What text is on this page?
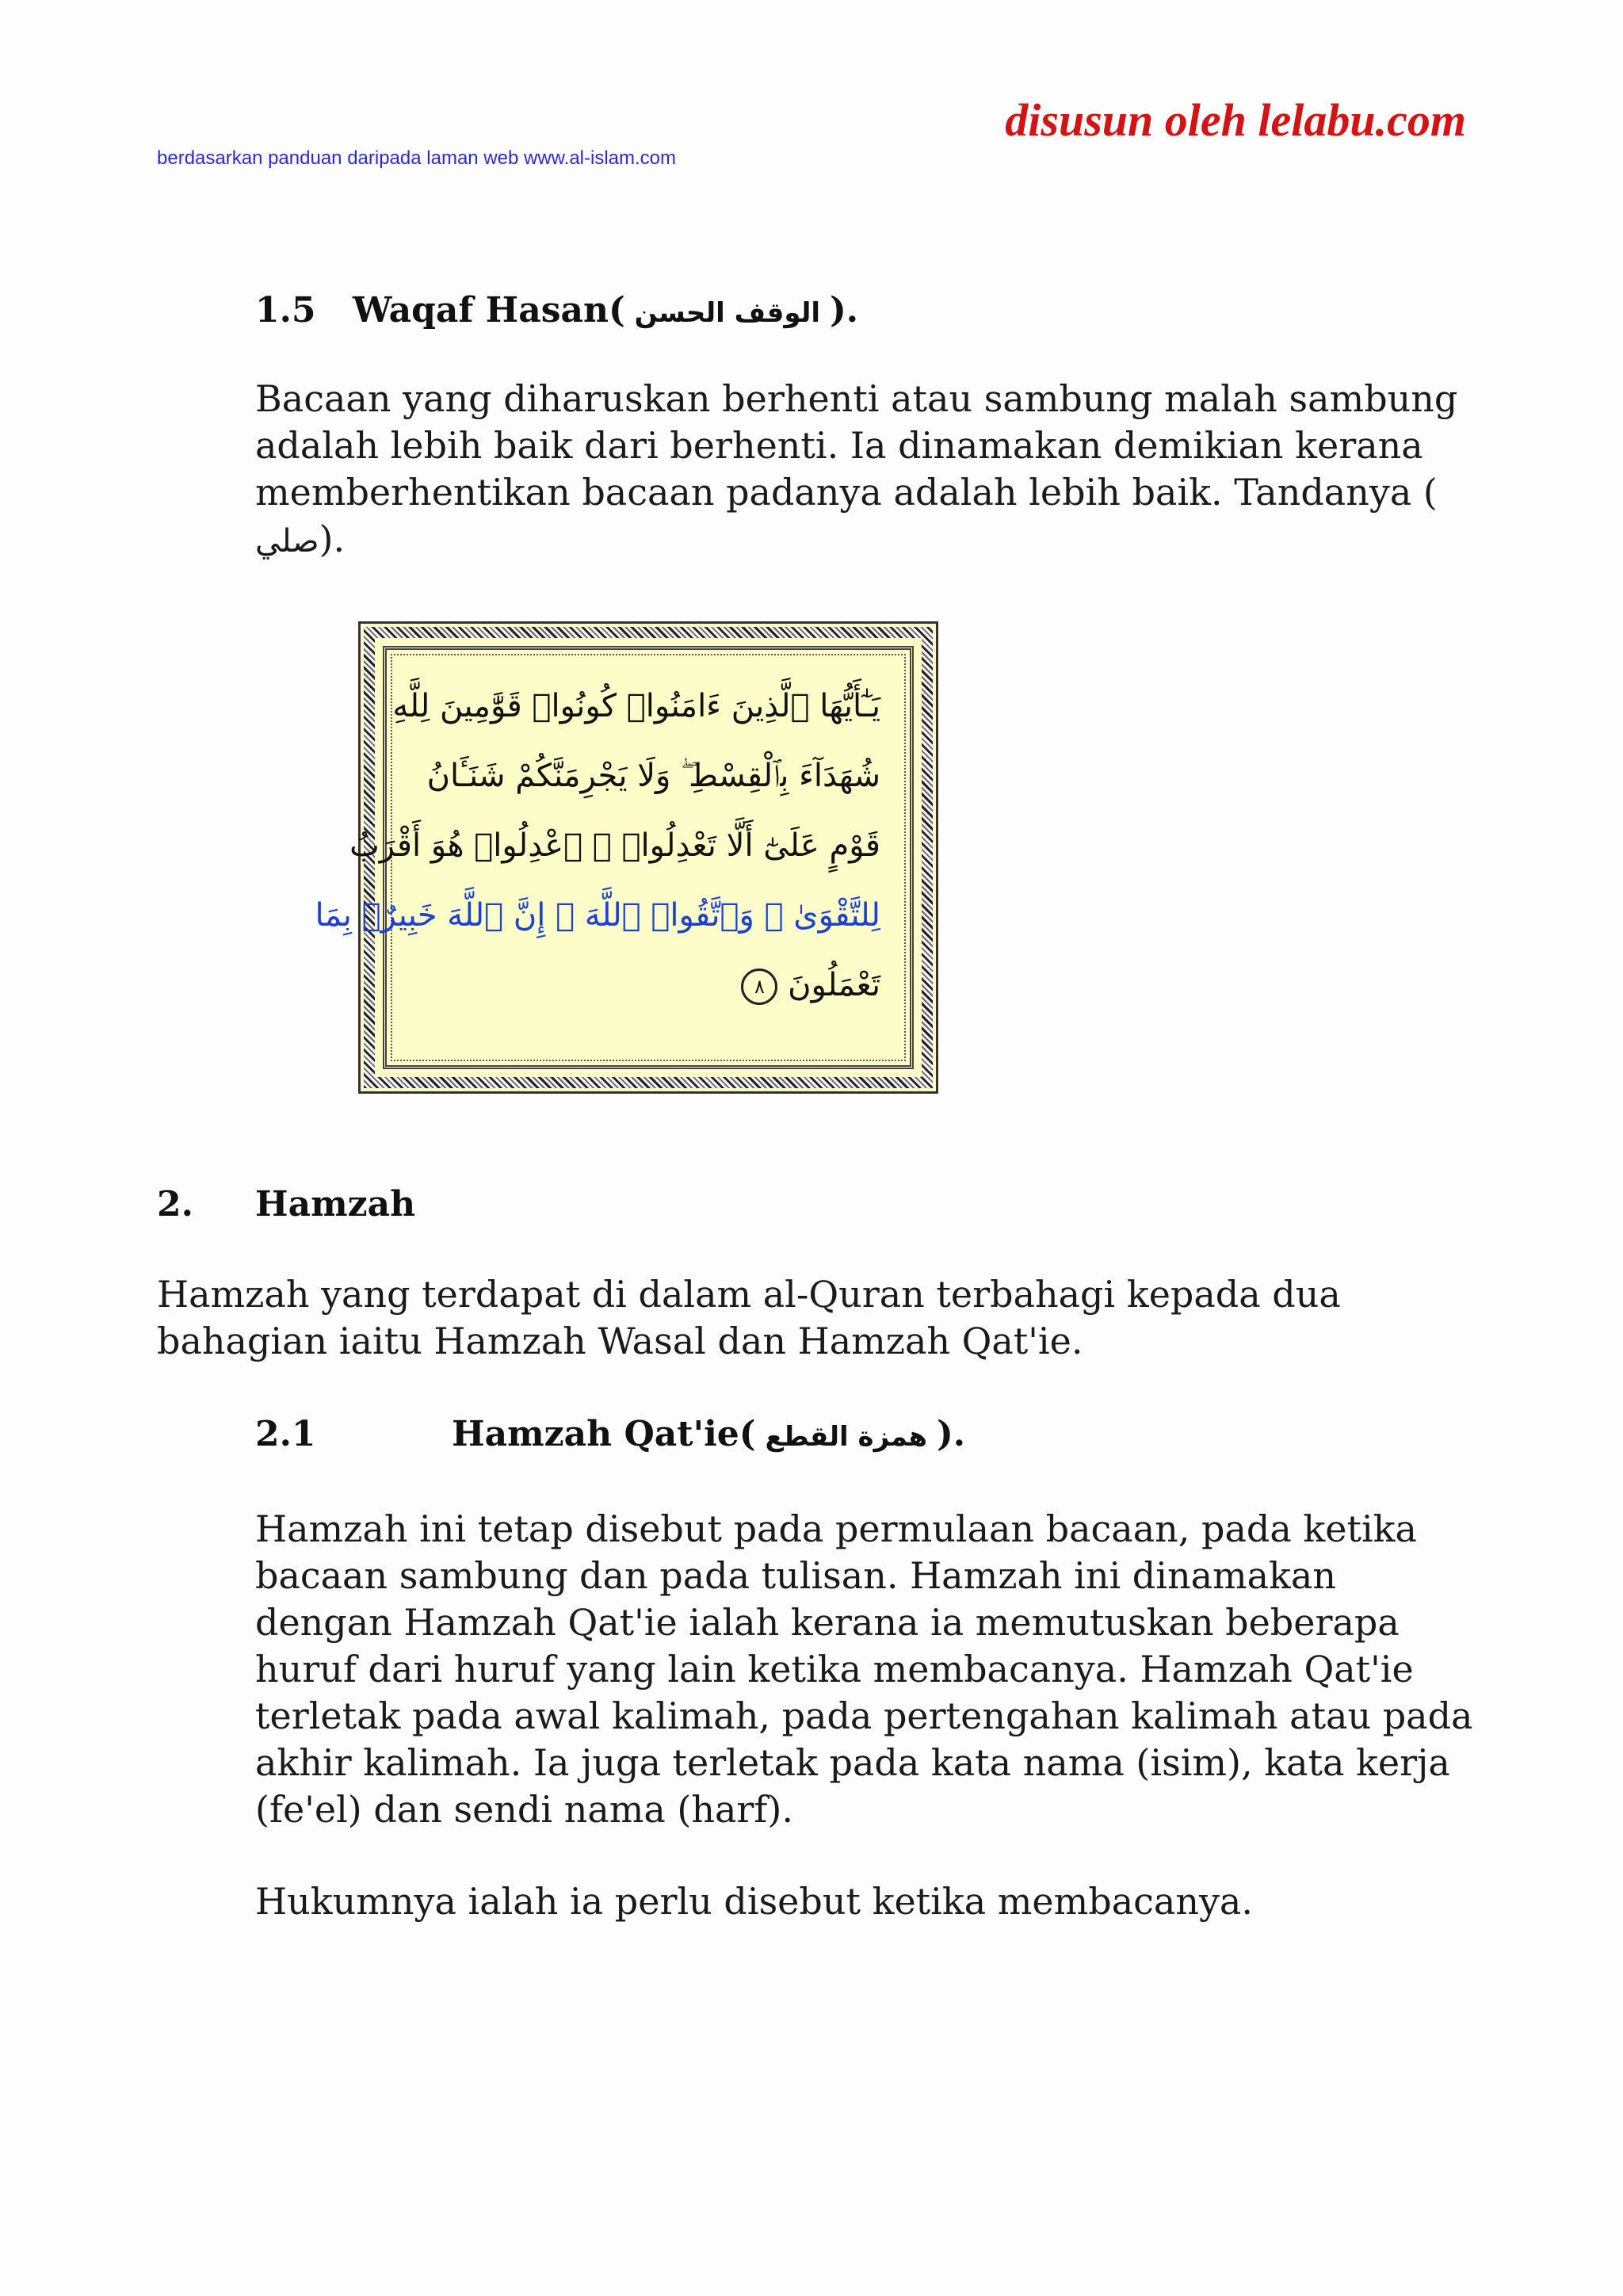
disusun oleh lelabu.com
berdasarkan panduan daripada laman web www.al-islam.com
1.5 Waqaf Hasan( الوقف الحسن ).

Bacaan yang diharuskan berhenti atau sambung malah sambung adalah lebih baik dari berhenti. Ia dinamakan demikian kerana memberhentikan bacaan padanya adalah lebih baik. Tandanya ( صلي).

يَـٰٓأَيُّهَا ٱلَّذِينَ ءَامَنُوا۟ كُونُوا۟ قَوَّٰمِينَ لِلَّهِ
شُهَدَآءَ بِٱلْقِسْطِ ۖ وَلَا يَجْرِمَنَّكُمْ شَنَـَٔانُ
قَوْمٍ عَلَىٰٓ أَلَّا تَعْدِلُوا۟ ۚ ٱعْدِلُوا۟ هُوَ أَقْرَبُ
لِلتَّقْوَىٰ ۖ وَٱتَّقُوا۟ ٱللَّهَ ۚ إِنَّ ٱللَّهَ خَبِيرٌۢ بِمَا
تَعْمَلُونَ ٨
2. Hamzah

Hamzah yang terdapat di dalam al-Quran terbahagi kepada dua bahagian iaitu Hamzah Wasal dan Hamzah Qat'ie.

2.1	Hamzah Qat'ie( همزة القطع ).

Hamzah ini tetap disebut pada permulaan bacaan, pada ketika bacaan sambung dan pada tulisan. Hamzah ini dinamakan dengan Hamzah Qat'ie ialah kerana ia memutuskan beberapa huruf dari huruf yang lain ketika membacanya. Hamzah Qat'ie terletak pada awal kalimah, pada pertengahan kalimah atau pada akhir kalimah. Ia juga terletak pada kata nama (isim), kata kerja (fe'el) dan sendi nama (harf).

Hukumnya ialah ia perlu disebut ketika membacanya.
